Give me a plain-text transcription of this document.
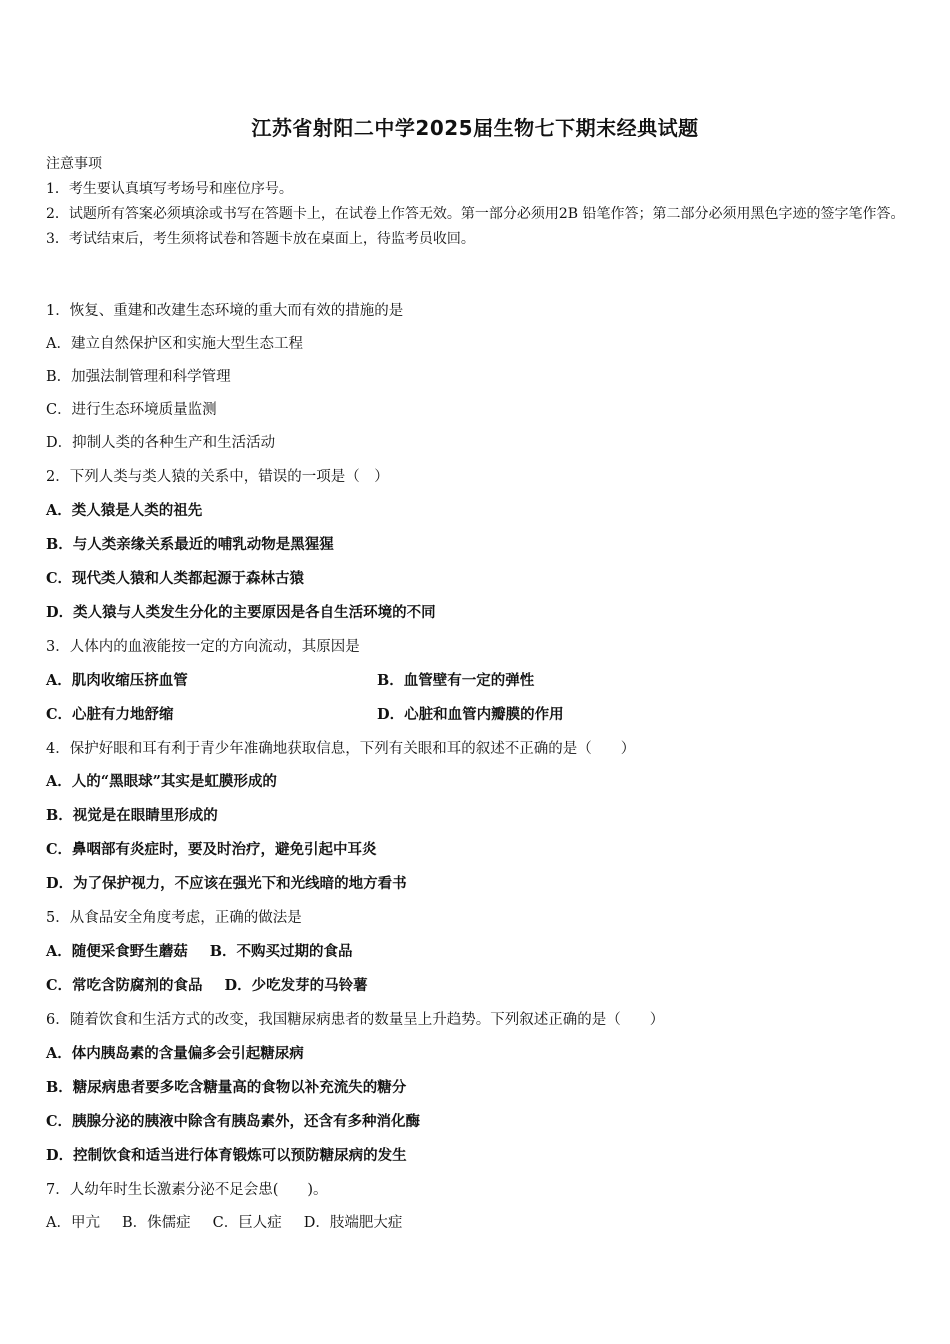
江苏省射阳二中学2025届生物七下期末经典试题

注意事项

1．考生要认真填写考场号和座位序号。

2．试题所有答案必须填涂或书写在答题卡上，在试卷上作答无效。第一部分必须用2B 铅笔作答；第二部分必须用黑色字迹的签字笔作答。

3．考试结束后，考生须将试卷和答题卡放在桌面上，待监考员收回。

1．恢复、重建和改建生态环境的重大而有效的措施的是
A．建立自然保护区和实施大型生态工程
B．加强法制管理和科学管理
C．进行生态环境质量监测
D．抑制人类的各种生产和生活活动
2．下列人类与类人猿的关系中，错误的一项是（　）
A．类人猿是人类的祖先
B．与人类亲缘关系最近的哺乳动物是黑猩猩
C．现代类人猿和人类都起源于森林古猿
D．类人猿与人类发生分化的主要原因是各自生活环境的不同
3．人体内的血液能按一定的方向流动，其原因是
A．肌肉收缩压挤血管	B．血管壁有一定的弹性
C．心脏有力地舒缩	D．心脏和血管内瓣膜的作用
4．保护好眼和耳有利于青少年准确地获取信息，下列有关眼和耳的叙述不正确的是（　　）
A．人的“黑眼球”其实是虹膜形成的
B．视觉是在眼睛里形成的
C．鼻咽部有炎症时，要及时治疗，避免引起中耳炎
D．为了保护视力，不应该在强光下和光线暗的地方看书
5．从食品安全角度考虑，正确的做法是
A．随便采食野生蘑菇 B．不购买过期的食品
C．常吃含防腐剂的食品 D．少吃发芽的马铃薯
6．随着饮食和生活方式的改变，我国糖尿病患者的数量呈上升趋势。下列叙述正确的是（　　）
A．体内胰岛素的含量偏多会引起糖尿病
B．糖尿病患者要多吃含糖量高的食物以补充流失的糖分
C．胰腺分泌的胰液中除含有胰岛素外，还含有多种消化酶
D．控制饮食和适当进行体育锻炼可以预防糖尿病的发生
7．人幼年时生长激素分泌不足会患(　　)。
A．甲亢 B．侏儒症 C．巨人症 D．肢端肥大症
